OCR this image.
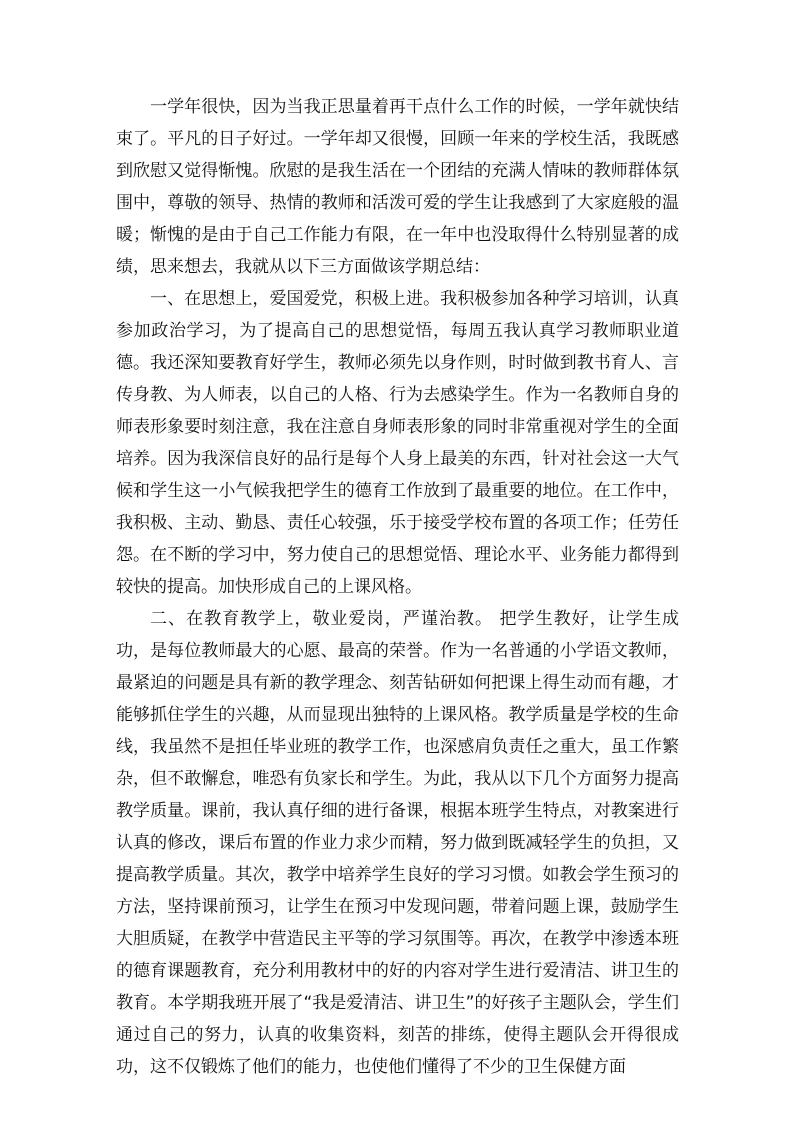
一学年很快，因为当我正思量着再干点什么工作的时候，一学年就快结束了。平凡的日子好过。一学年却又很慢，回顾一年来的学校生活，我既感到欣慰又觉得惭愧。欣慰的是我生活在一个团结的充满人情味的教师群体氛围中，尊敬的领导、热情的教师和活泼可爱的学生让我感到了大家庭般的温暖；惭愧的是由于自己工作能力有限，在一年中也没取得什么特别显著的成绩，思来想去，我就从以下三方面做该学期总结：

一、在思想上，爱国爱党，积极上进。我积极参加各种学习培训，认真参加政治学习，为了提高自己的思想觉悟，每周五我认真学习教师职业道德。我还深知要教育好学生，教师必须先以身作则，时时做到教书育人、言传身教、为人师表，以自己的人格、行为去感染学生。作为一名教师自身的师表形象要时刻注意，我在注意自身师表形象的同时非常重视对学生的全面培养。因为我深信良好的品行是每个人身上最美的东西，针对社会这一大气候和学生这一小气候我把学生的德育工作放到了最重要的地位。在工作中，我积极、主动、勤恳、责任心较强，乐于接受学校布置的各项工作；任劳任怨。在不断的学习中，努力使自己的思想觉悟、理论水平、业务能力都得到较快的提高。加快形成自己的上课风格。

二、在教育教学上，敬业爱岗，严谨治教。 把学生教好，让学生成功，是每位教师最大的心愿、最高的荣誉。作为一名普通的小学语文教师，最紧迫的问题是具有新的教学理念、刻苦钻研如何把课上得生动而有趣，才能够抓住学生的兴趣，从而显现出独特的上课风格。教学质量是学校的生命线，我虽然不是担任毕业班的教学工作，也深感肩负责任之重大，虽工作繁杂，但不敢懈怠，唯恐有负家长和学生。为此，我从以下几个方面努力提高教学质量。课前，我认真仔细的进行备课，根据本班学生特点，对教案进行认真的修改，课后布置的作业力求少而精，努力做到既减轻学生的负担，又提高教学质量。其次，教学中培养学生良好的学习习惯。如教会学生预习的方法，坚持课前预习，让学生在预习中发现问题，带着问题上课，鼓励学生大胆质疑，在教学中营造民主平等的学习氛围等。再次，在教学中渗透本班的德育课题教育，充分利用教材中的好的内容对学生进行爱清洁、讲卫生的教育。本学期我班开展了“我是爱清洁、讲卫生”的好孩子主题队会，学生们通过自己的努力，认真的收集资料，刻苦的排练，使得主题队会开得很成功，这不仅锻炼了他们的能力，也使他们懂得了不少的卫生保健方面
